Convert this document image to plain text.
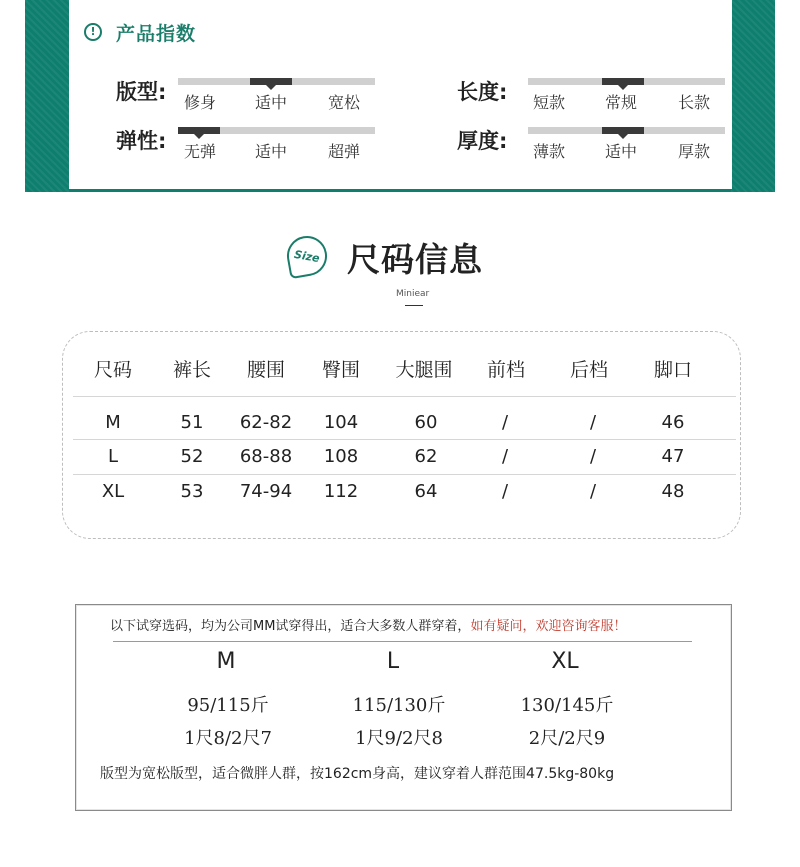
!	产品指数
版型: 修身 适中	宽松
弹性: 无弹 适中	超弹
长度: 短款 常规	长款
厚度: 薄款 适中	厚款
Size 尺码信息
Miniear
尺码 裤长 腰围 臀围 大腿围 前档 后档 脚口
M	51 62-82 104	60	/	/	46
L	52 68-88 108	62	/	/	47
XL	53 74-94 112	64	/	/	48
以下试穿选码，均为公司MM试穿得出，适合大多数人群穿着，如有疑问，欢迎咨询客服！
M	L	XL
95/115斤	115/130斤	130/145斤
1尺8/2尺7	1尺9/2尺8	2尺/2尺9
版型为宽松版型，适合微胖人群，按162cm身高，建议穿着人群范围47.5kg-80kg
